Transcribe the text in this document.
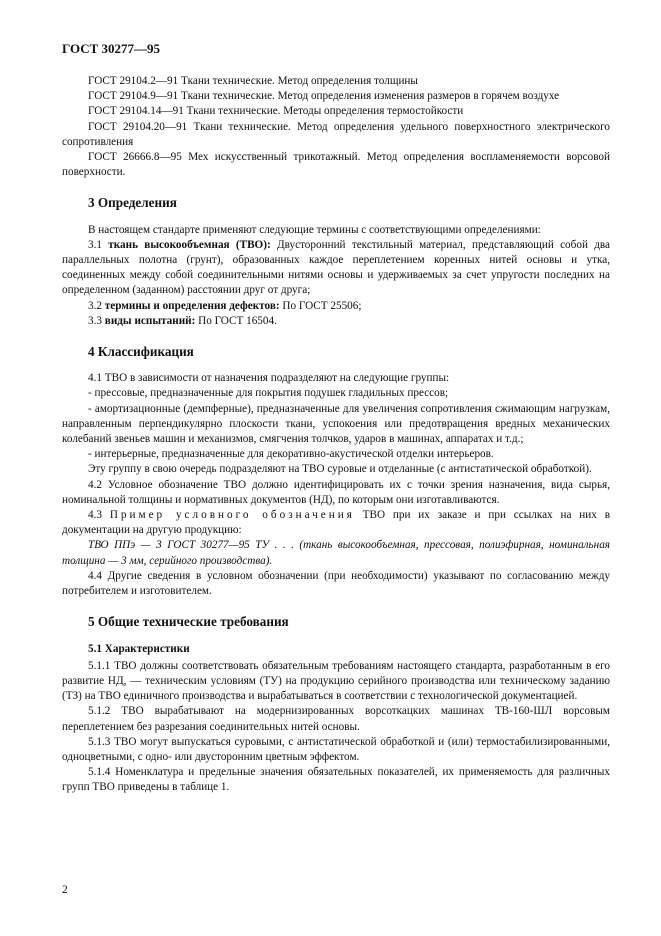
ГОСТ 30277—95

ГОСТ 29104.2—91 Ткани технические. Метод определения толщины

ГОСТ 29104.9—91 Ткани технические. Метод определения изменения размеров в горячем воздухе

ГОСТ 29104.14—91 Ткани технические. Методы определения термостойкости

ГОСТ 29104.20—91 Ткани технические. Метод определения удельного поверхностного электрического сопротивления

ГОСТ 26666.8—95 Мех искусственный трикотажный. Метод определения воспламеняемости ворсовой поверхности.

3 Определения

В настоящем стандарте применяют следующие термины с соответствующими определениями:

3.1 ткань высокообъемная (ТВО): Двусторонний текстильный материал, представляющий собой два параллельных полотна (грунт), образованных каждое переплетением коренных нитей основы и утка, соединенных между собой соединительными нитями основы и удерживаемых за счет упругости последних на определенном (заданном) расстоянии друг от друга;

3.2 термины и определения дефектов: По ГОСТ 25506;

3.3 виды испытаний: По ГОСТ 16504.

4 Классификация

4.1 ТВО в зависимости от назначения подразделяют на следующие группы:

- прессовые, предназначенные для покрытия подушек гладильных прессов;

- амортизационные (демпферные), предназначенные для увеличения сопротивления сжимающим нагрузкам, направленным перпендикулярно плоскости ткани, успокоения или предотвращения вредных механических колебаний звеньев машин и механизмов, смягчения толчков, ударов в машинах, аппаратах и т.д.;

- интерьерные, предназначенные для декоративно-акустической отделки интерьеров.

Эту группу в свою очередь подразделяют на ТВО суровые и отделанные (с антистатической обработкой).

4.2 Условное обозначение ТВО должно идентифицировать их с точки зрения назначения, вида сырья, номинальной толщины и нормативных документов (НД), по которым они изготавливаются.

4.3 Пример условного обозначения ТВО при их заказе и при ссылках на них в документации на другую продукцию:

ТВО ППэ — 3 ГОСТ 30277—95 ТУ . . . (ткань высокообъемная, прессовая, полиэфирная, номинальная толщина — 3 мм, серийного производства).

4.4 Другие сведения в условном обозначении (при необходимости) указывают по согласованию между потребителем и изготовителем.

5 Общие технические требования
5.1 Характеристики

5.1.1 ТВО должны соответствовать обязательным требованиям настоящего стандарта, разработанным в его развитие НД, — техническим условиям (ТУ) на продукцию серийного производства или техническому заданию (ТЗ) на ТВО единичного производства и вырабатываться в соответствии с технологической документацией.

5.1.2 ТВО вырабатывают на модернизированных ворсоткацких машинах ТВ-160-ШЛ ворсовым переплетением без разрезания соединительных нитей основы.

5.1.3 ТВО могут выпускаться суровыми, с антистатической обработкой и (или) термостабилизированными, одноцветными, с одно- или двусторонним цветным эффектом.

5.1.4 Номенклатура и предельные значения обязательных показателей, их применяемость для различных групп ТВО приведены в таблице 1.

2
